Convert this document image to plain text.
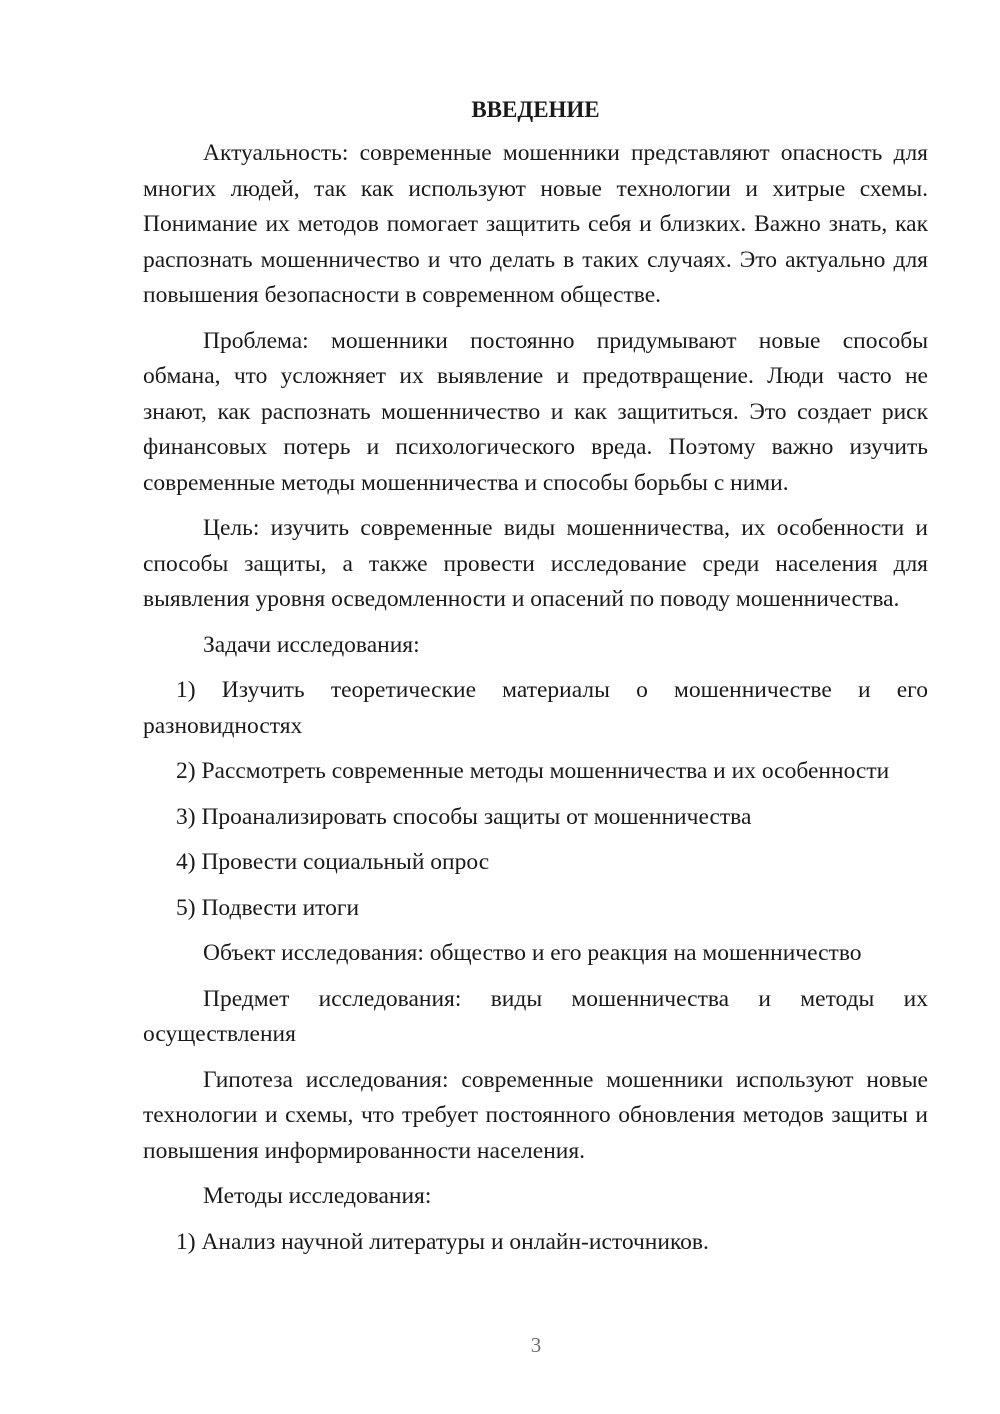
ВВЕДЕНИЕ

Актуальность: современные мошенники представляют опасность для многих людей, так как используют новые технологии и хитрые схемы. Понимание их методов помогает защитить себя и близких. Важно знать, как распознать мошенничество и что делать в таких случаях. Это актуально для повышения безопасности в современном обществе.

Проблема: мошенники постоянно придумывают новые способы обмана, что усложняет их выявление и предотвращение. Люди часто не знают, как распознать мошенничество и как защититься. Это создает риск финансовых потерь и психологического вреда. Поэтому важно изучить современные методы мошенничества и способы борьбы с ними.

Цель: изучить современные виды мошенничества, их особенности и способы защиты, а также провести исследование среди населения для выявления уровня осведомленности и опасений по поводу мошенничества.

Задачи исследования:

1) Изучить теоретические материалы о мошенничестве и его разновидностях

2) Рассмотреть современные методы мошенничества и их особенности

3) Проанализировать способы защиты от мошенничества

4) Провести социальный опрос

5) Подвести итоги

Объект исследования: общество и его реакция на мошенничество

Предмет исследования: виды мошенничества и методы их осуществления

Гипотеза исследования: современные мошенники используют новые технологии и схемы, что требует постоянного обновления методов защиты и повышения информированности населения.

Методы исследования:

1) Анализ научной литературы и онлайн-источников.

3
